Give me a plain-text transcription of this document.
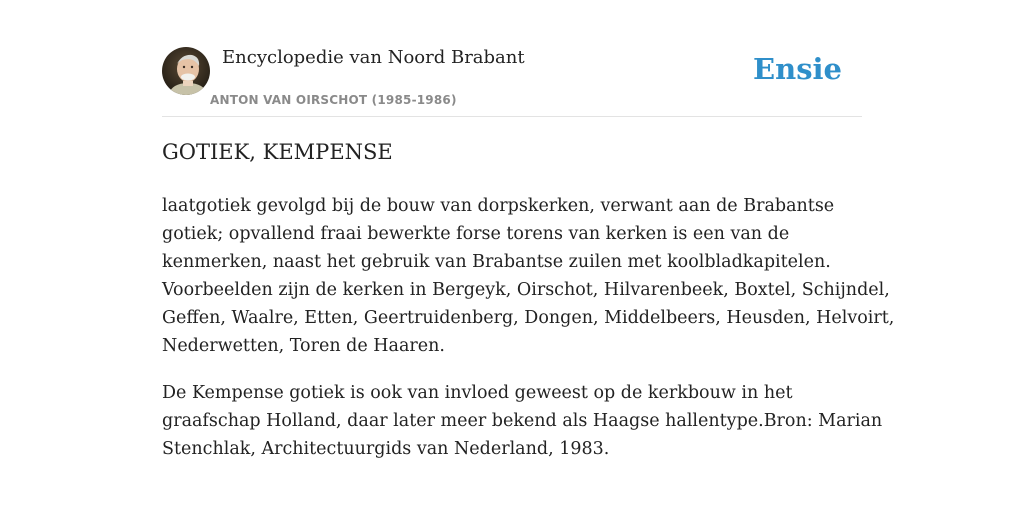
Encyclopedie van Noord Brabant
ANTON VAN OIRSCHOT (1985-1986)
Ensie
GOTIEK, KEMPENSE

laatgotiek gevolgd bij de bouw van dorpskerken, verwant aan de Brabantse
gotiek; opvallend fraai bewerkte forse torens van kerken is een van de
kenmerken, naast het gebruik van Brabantse zuilen met koolbladkapitelen.
Voorbeelden zijn de kerken in Bergeyk, Oirschot, Hilvarenbeek, Boxtel, Schijndel,
Geffen, Waalre, Etten, Geertruidenberg, Dongen, Middelbeers, Heusden, Helvoirt,
Nederwetten, Toren de Haaren.

De Kempense gotiek is ook van invloed geweest op de kerkbouw in het
graafschap Holland, daar later meer bekend als Haagse hallentype.Bron: Marian
Stenchlak, Architectuurgids van Nederland, 1983.
